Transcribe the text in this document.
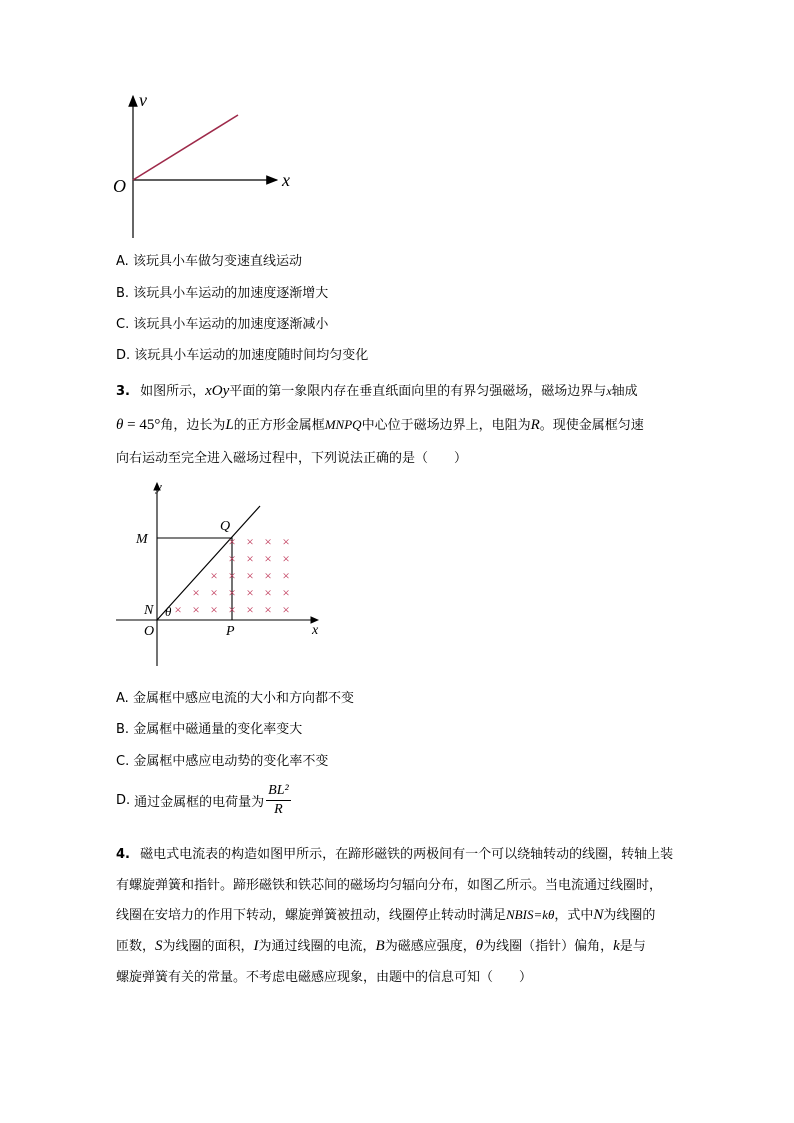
v
x
O
A. 该玩具小车做匀变速直线运动
B. 该玩具小车运动的加速度逐渐增大
C. 该玩具小车运动的加速度逐渐减小
D. 该玩具小车运动的加速度随时间均匀变化
3. 如图所示，xOy平面的第一象限内存在垂直纸面向里的有界匀强磁场，磁场边界与x轴成
θ = 45°角，边长为L的正方形金属框MNPQ中心位于磁场边界上，电阻为R。现使金属框匀速
向右运动至完全进入磁场过程中，下列说法正确的是（　　）
× × × × × × ×
× × × × × ×
× × × × ×
× × × ×
× × × ×
y
x
O
M
N
P
Q
θ
A. 金属框中感应电流的大小和方向都不变
B. 金属框中磁通量的变化率变大
C. 金属框中感应电动势的变化率不变
D. 通过金属框的电荷量为 $\frac{\text{BL²}}{R}$
4. 磁电式电流表的构造如图甲所示，在蹄形磁铁的两极间有一个可以绕轴转动的线圈，转轴上装
有螺旋弹簧和指针。蹄形磁铁和铁芯间的磁场均匀辐向分布，如图乙所示。当电流通过线圈时，
线圈在安培力的作用下转动，螺旋弹簧被扭动，线圈停止转动时满足NBIS=kθ，式中N为线圈的
匝数，S为线圈的面积，I为通过线圈的电流，B为磁感应强度，θ为线圈（指针）偏角，k是与
螺旋弹簧有关的常量。不考虑电磁感应现象，由题中的信息可知（　　）
